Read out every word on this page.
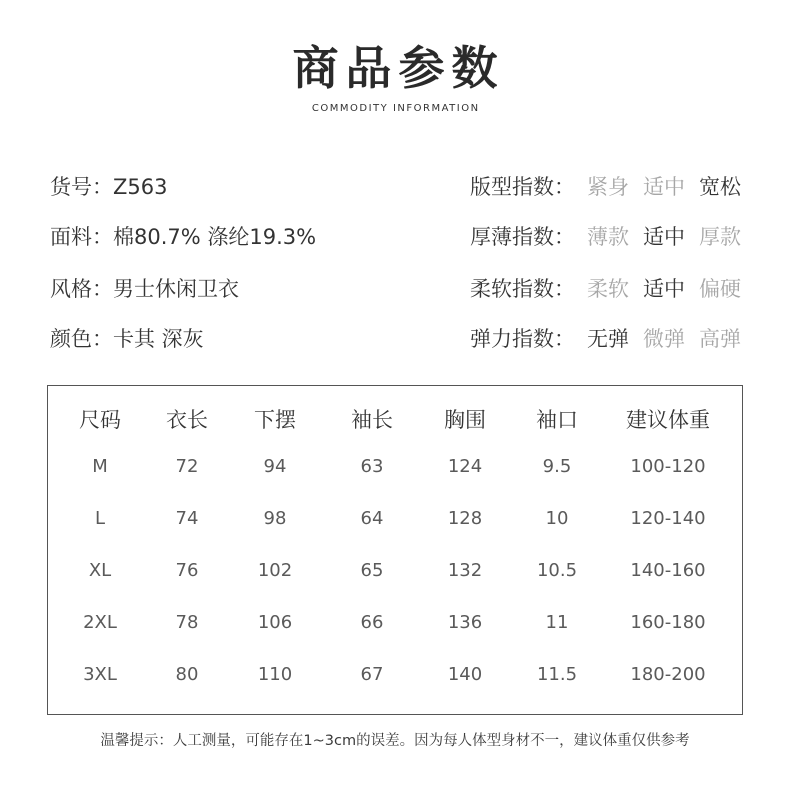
商品参数
COMMODITY INFORMATION
货号：Z563
面料：棉80.7% 涤纶19.3%
风格：男士休闲卫衣
颜色：卡其 深灰
版型指数： 紧身 适中 宽松
厚薄指数： 薄款 适中 厚款
柔软指数： 柔软 适中 偏硬
弹力指数： 无弹 微弹 高弹
尺码	衣长	下摆	袖长	胸围	袖口	建议体重
M	72	94	63	124	9.5	100-120
L	74	98	64	128	10	120-140
XL	76	102	65	132	10.5	140-160
2XL	78	106	66	136	11	160-180
3XL	80	110	67	140	11.5	180-200
温馨提示：人工测量，可能存在1~3cm的误差。因为每人体型身材不一，建议体重仅供参考
